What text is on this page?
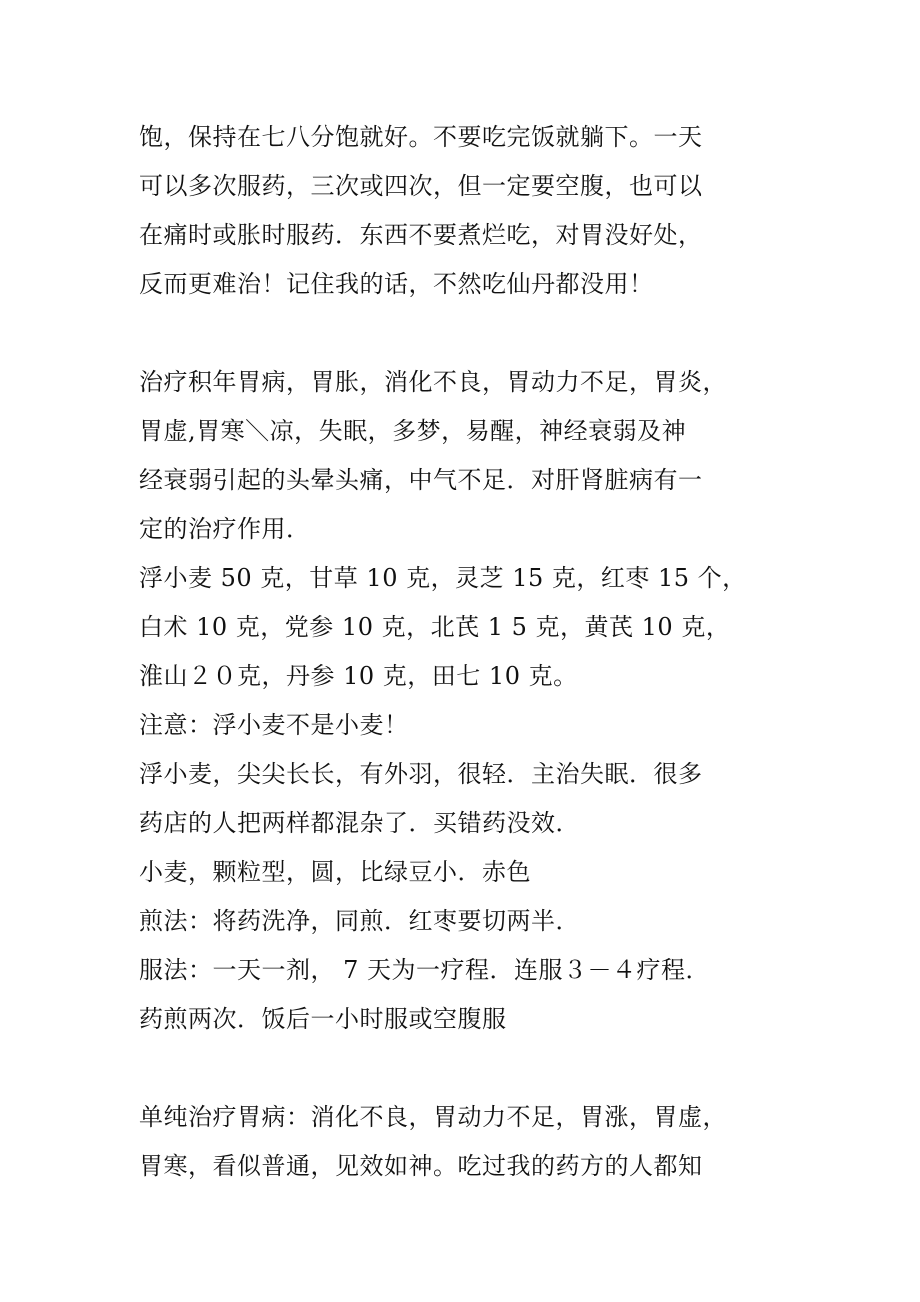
饱，保持在七八分饱就好。不要吃完饭就躺下。一天
可以多次服药，三次或四次，但一定要空腹，也可以
在痛时或胀时服药．东西不要煮烂吃，对胃没好处，
反而更难治！记住我的话，不然吃仙丹都没用！
治疗积年胃病，胃胀，消化不良，胃动力不足，胃炎，
胃虚,胃寒＼凉，失眠，多梦，易醒，神经衰弱及神
经衰弱引起的头晕头痛，中气不足．对肝肾脏病有一
定的治疗作用．
浮小麦 50 克，甘草 10 克，灵芝 15 克，红枣 15 个，
白术 10 克，党参 10 克，北芪 1 5 克，黄芪 10 克，
淮山２０克，丹参 10 克，田七 10 克。
注意：浮小麦不是小麦！
浮小麦，尖尖长长，有外羽，很轻．主治失眠．很多
药店的人把两样都混杂了．买错药没效．
小麦，颗粒型，圆，比绿豆小．赤色
煎法：将药洗净，同煎．红枣要切两半．
服法：一天一剂， 7 天为一疗程．连服３－４疗程．
药煎两次．饭后一小时服或空腹服
单纯治疗胃病：消化不良，胃动力不足，胃涨，胃虚，
胃寒，看似普通，见效如神。吃过我的药方的人都知
